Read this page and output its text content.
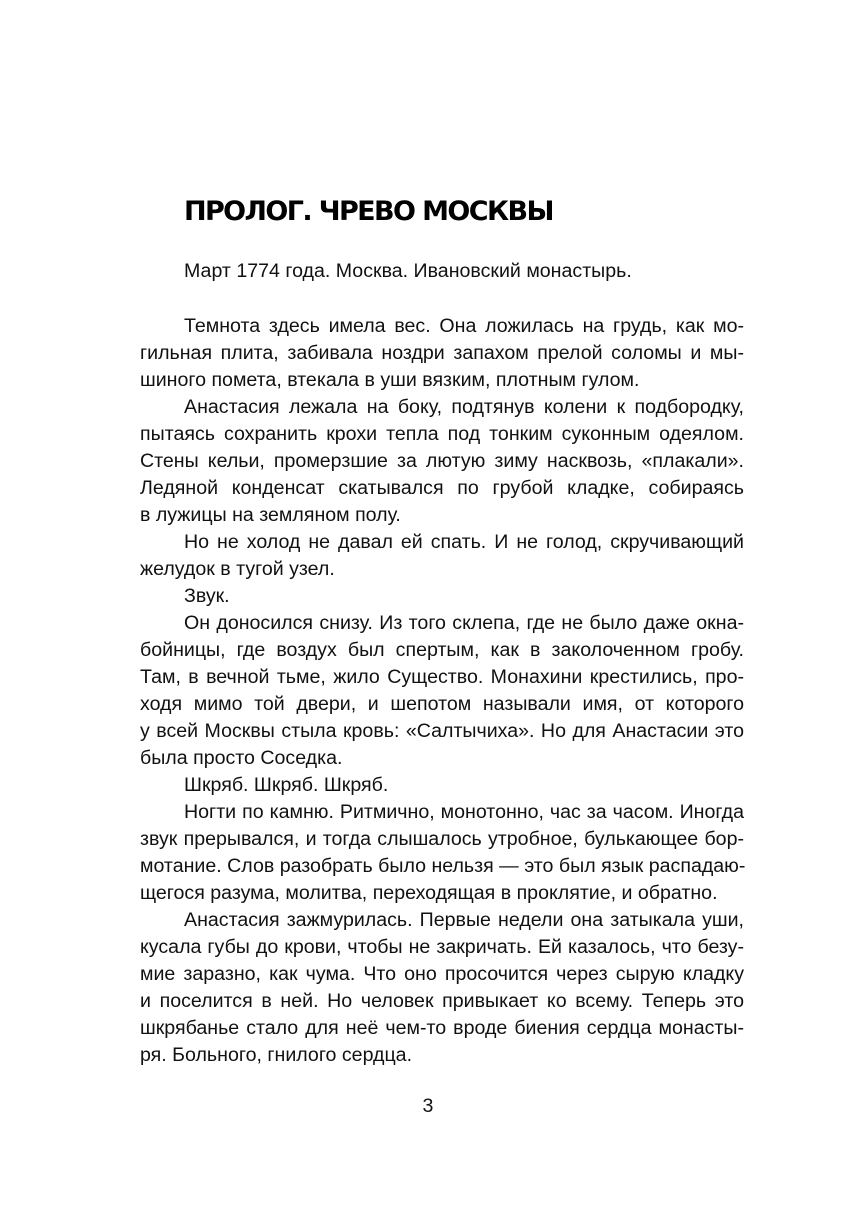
ПРОЛОГ. ЧРЕВО МОСКВЫ
Март 1774 года. Москва. Ивановский монастырь.
Темнота здесь имела вес. Она ложилась на грудь, как мо-
гильная плита, забивала ноздри запахом прелой соломы и мы-
шиного помета, втекала в уши вязким, плотным гулом.
Анастасия лежала на боку, подтянув колени к подбородку,
пытаясь сохранить крохи тепла под тонким суконным одеялом.
Стены кельи, промерзшие за лютую зиму насквозь, «плакали».
Ледяной конденсат скатывался по грубой кладке, собираясь
в лужицы на земляном полу.
Но не холод не давал ей спать. И не голод, скручивающий
желудок в тугой узел.
Звук.
Он доносился снизу. Из того склепа, где не было даже окна-
бойницы, где воздух был спертым, как в заколоченном гробу.
Там, в вечной тьме, жило Существо. Монахини крестились, про-
ходя мимо той двери, и шепотом называли имя, от которого
у всей Москвы стыла кровь: «Салтычиха». Но для Анастасии это
была просто Соседка.
Шкряб. Шкряб. Шкряб.
Ногти по камню. Ритмично, монотонно, час за часом. Иногда
звук прерывался, и тогда слышалось утробное, булькающее бор-
мотание. Слов разобрать было нельзя — это был язык распадаю-
щегося разума, молитва, переходящая в проклятие, и обратно.
Анастасия зажмурилась. Первые недели она затыкала уши,
кусала губы до крови, чтобы не закричать. Ей казалось, что безу-
мие заразно, как чума. Что оно просочится через сырую кладку
и поселится в ней. Но человек привыкает ко всему. Теперь это
шкрябанье стало для неё чем-то вроде биения сердца монасты-
ря. Больного, гнилого сердца.
3
